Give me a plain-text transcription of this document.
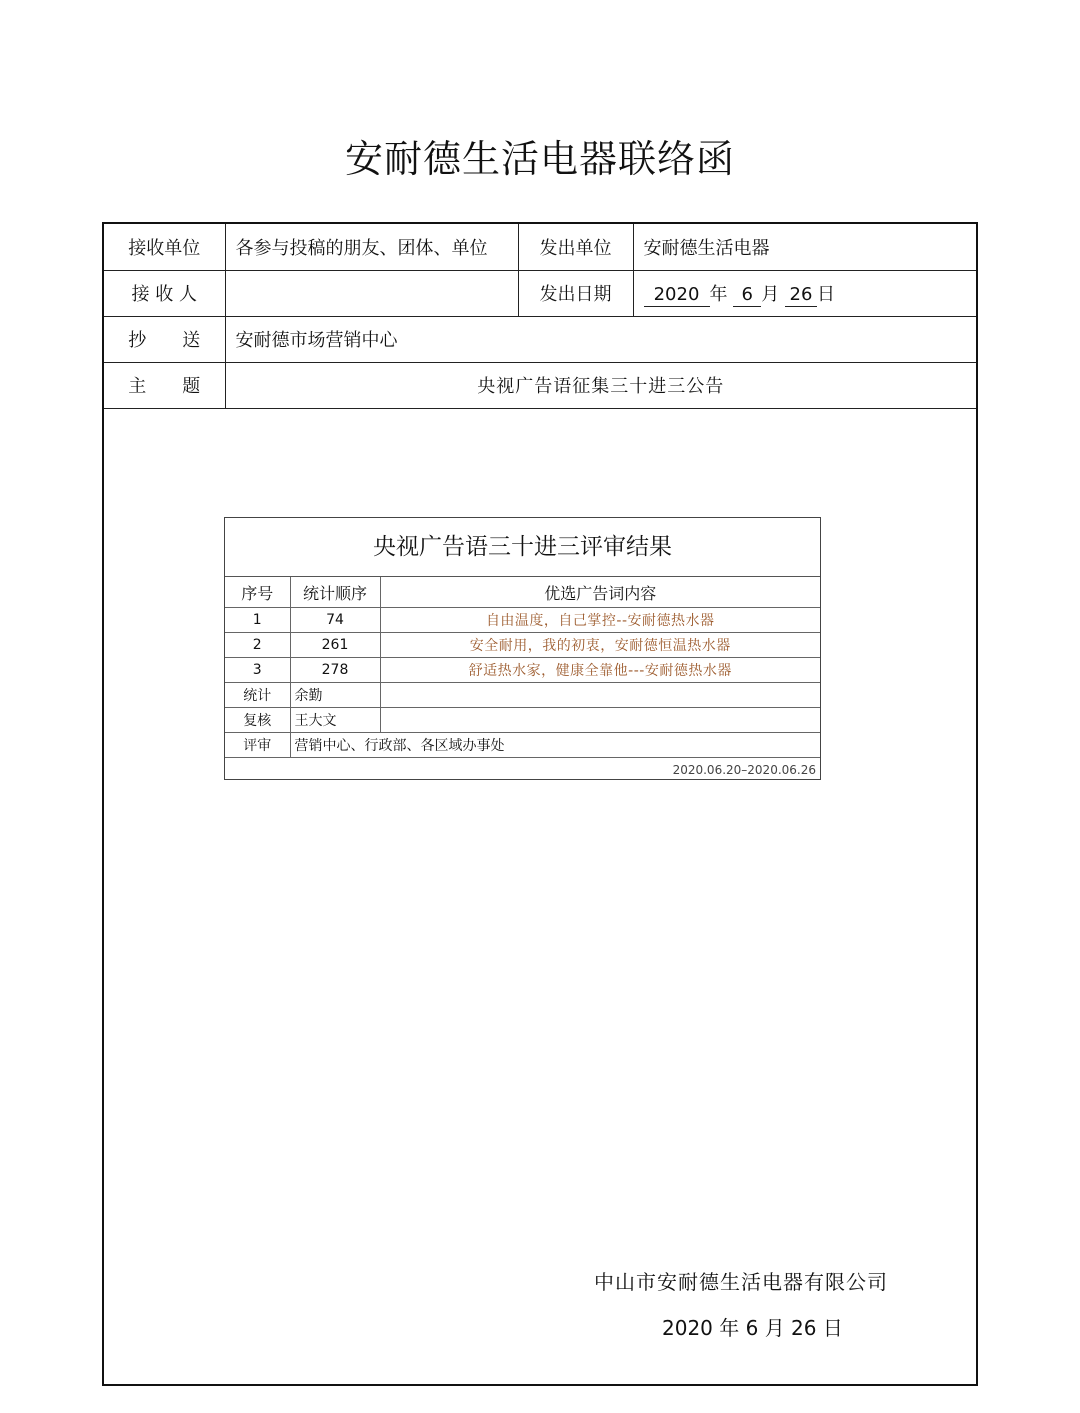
安耐德生活电器联络函
接收单位	各参与投稿的朋友、团体、单位	发出单位	安耐德生活电器
接 收 人		发出日期	2020 年 6 月 26 日
抄　　送	安耐德市场营销中心		
主　　题	央视广告语征集三十进三公告		
央视广告语三十进三评审结果
序号	统计顺序	优选广告词内容
1	74	自由温度，自己掌控--安耐德热水器
2	261	安全耐用，我的初衷，安耐德恒温热水器
3	278	舒适热水家，健康全靠他---安耐德热水器
统计	余勤	
复核	王大文	
评审	营销中心、行政部、各区域办事处	
2020.06.20–2020.06.26		
中山市安耐德生活电器有限公司
2020 年 6 月 26 日
